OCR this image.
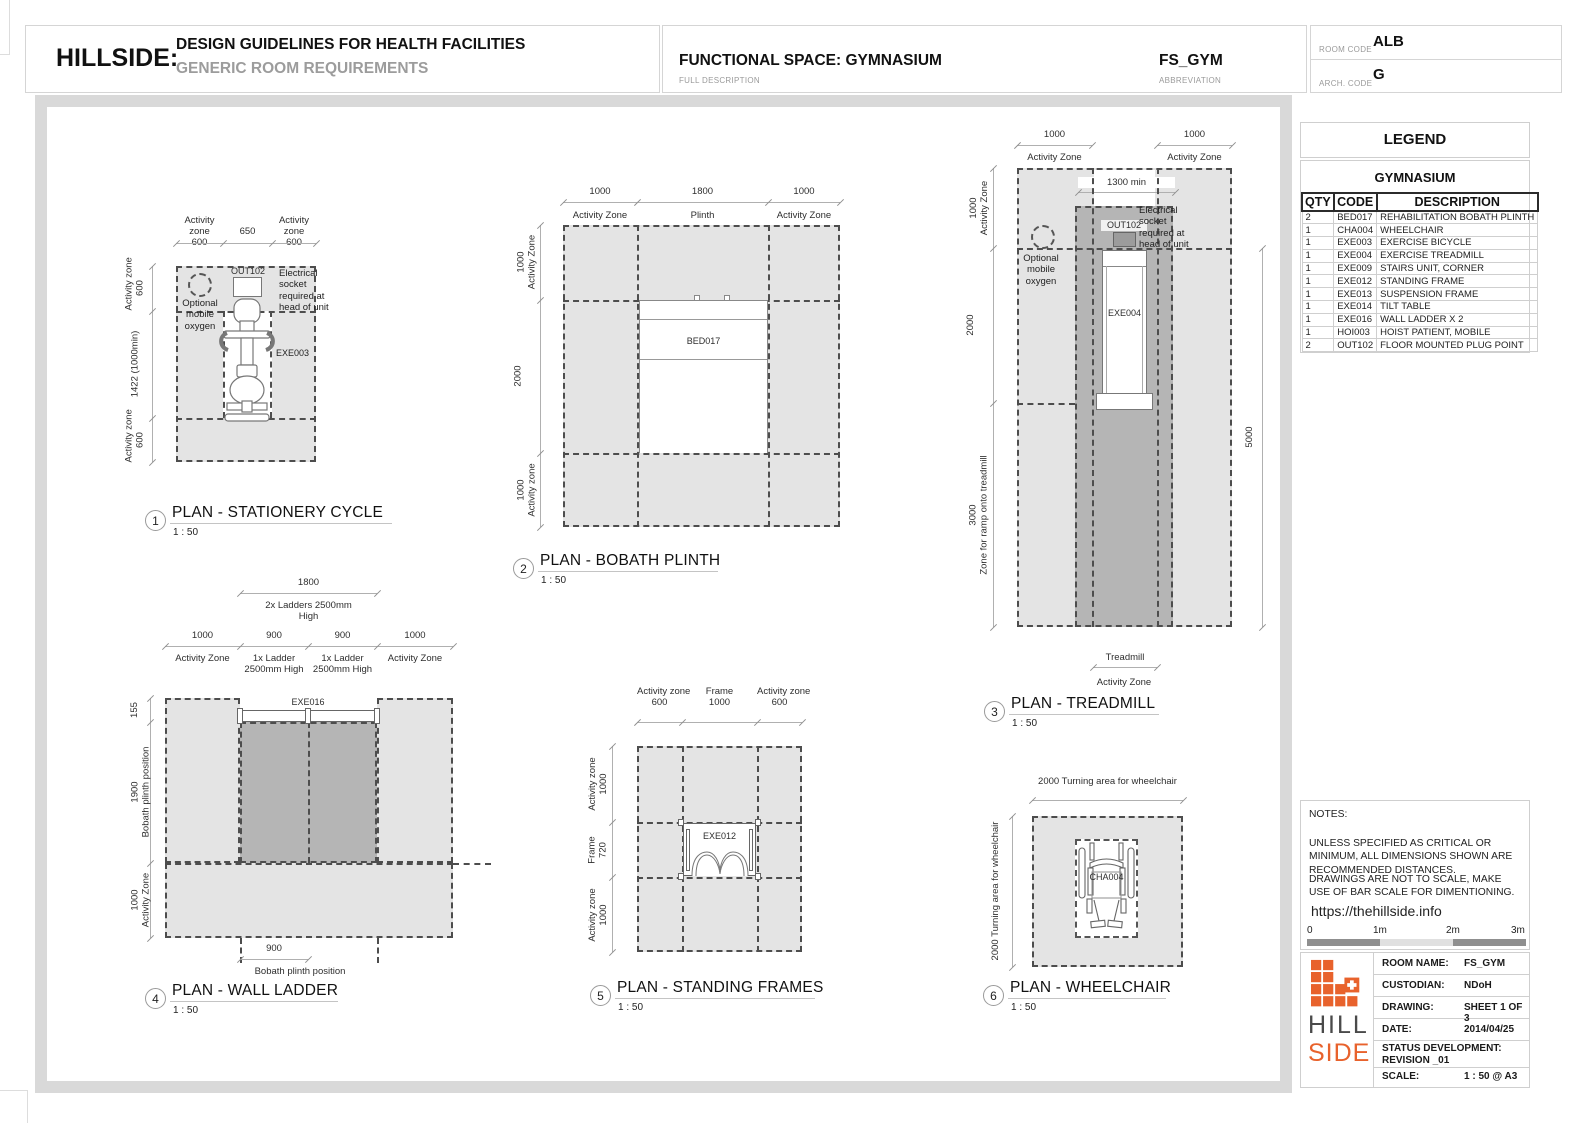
HILLSIDE:
DESIGN GUIDELINES FOR HEALTH FACILITIES
GENERIC ROOM REQUIREMENTS	FUNCTIONAL SPACE: GYMNASIUM
FULL DESCRIPTION
FS_GYM
ABBREVIATION
ROOM CODE ALB
ARCH. CODE
G
Activity zone
600
650
Activity zone
600
Activity zone 600
1422 (1000min)
Activity zone 600
OUT102	Electrical socket required at head of unit
Optional mobile oxygen
EXE003
1 PLAN - STATIONERY CYCLE
1 : 50
1000	1800	1000
Activity Zone	Plinth	Activity Zone
1000 Activity Zone
2000
1000 Activity zone
BED017
2 PLAN - BOBATH PLINTH
1 : 50
1000	1000
Activity Zone	Activity Zone
1300 min
Optional mobile oxygen
OUT102
Electrical socket required at head of unit
EXE004
1000 Activity Zone
2000
3000 Zone for ramp onto treadmill
5000
Treadmill
Activity Zone
3 PLAN - TREADMILL
1 : 50
1800
2x Ladders 2500mm High
1000	900	900	1000
Activity Zone	1x Ladder 2500mm High
1x Ladder 2500mm High
Activity Zone
EXE016
155
1900 Bobath plinth position
1000 Activity Zone
900
Bobath plinth position
4 PLAN - WALL LADDER
1 : 50
Activity zone
600
Frame
1000
Activity zone
600
EXE012
Activity zone 1000
Frame 720
Activity zone 1000
5 PLAN - STANDING FRAMES
1 : 50
2000 Turning area for wheelchair
CHA004
2000 Turning area for wheelchair
6 PLAN - WHEELCHAIR
1 : 50
LEGEND
GYMNASIUM
QTY	CODE	DESCRIPTION
2	BED017	REHABILITATION BOBATH PLINTH
1	CHA004	WHEELCHAIR
1	EXE003	EXERCISE BICYCLE
1	EXE004	EXERCISE TREADMILL
1	EXE009	STAIRS UNIT, CORNER
1	EXE012	STANDING FRAME
1	EXE013	SUSPENSION FRAME
1	EXE014	TILT TABLE
1	EXE016	WALL LADDER X 2
1	HOI003	HOIST PATIENT, MOBILE
2	OUT102	FLOOR MOUNTED PLUG POINT
NOTES:
UNLESS SPECIFIED AS CRITICAL OR MINIMUM, ALL DIMENSIONS SHOWN ARE RECOMMENDED DISTANCES.
DRAWINGS ARE NOT TO SCALE, MAKE USE OF BAR SCALE FOR DIMENTIONING.
https://thehillside.info
0	1m	2m	3m
HILL
SIDE
ROOM NAME: FS_GYM
CUSTODIAN: NDoH
DRAWING:	SHEET 1 OF 3
DATE:	2014/04/25
STATUS DEVELOPMENT:
REVISION _01
SCALE:	1 : 50 @ A3
